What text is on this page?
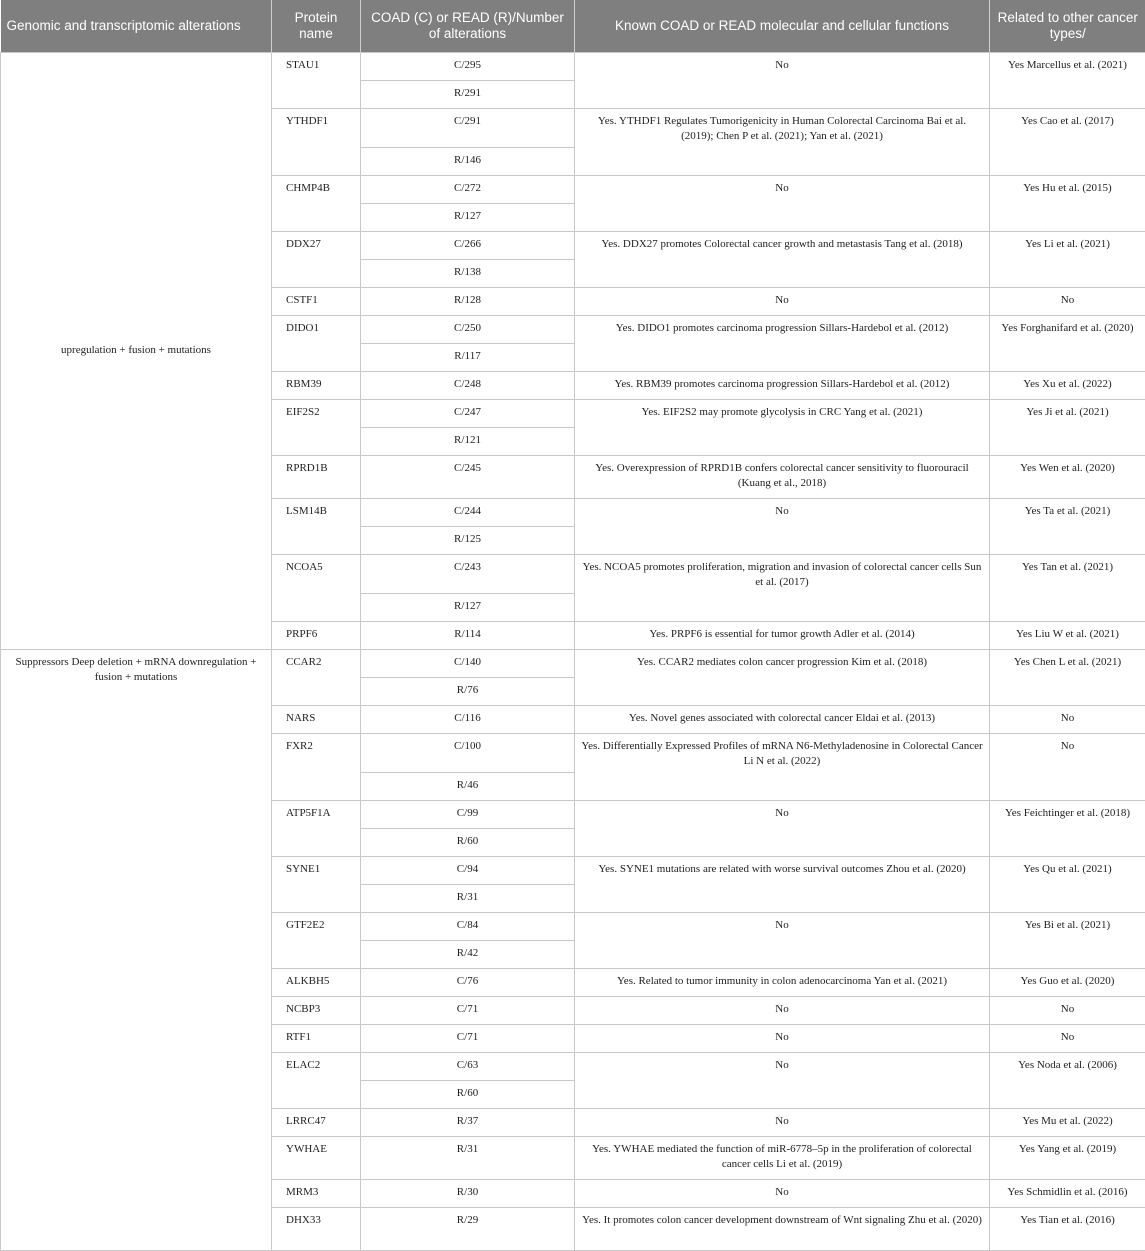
Genomic and transcriptomic alterations	Protein name	COAD (C) or READ (R)/Number of alterations	Known COAD or READ molecular and cellular functions	Related to other cancer types/
upregulation + fusion + mutations	STAU1	C/295	No	Yes Marcellus et al. (2021)
		R/291		
	YTHDF1	C/291	Yes. YTHDF1 Regulates Tumorigenicity in Human Colorectal Carcinoma Bai et al. (2019); Chen P et al. (2021); Yan et al. (2021)	Yes Cao et al. (2017)
		R/146		
	CHMP4B	C/272	No	Yes Hu et al. (2015)
		R/127		
	DDX27	C/266	Yes. DDX27 promotes Colorectal cancer growth and metastasis Tang et al. (2018)	Yes Li et al. (2021)
		R/138		
	CSTF1	R/128	No	No
	DIDO1	C/250	Yes. DIDO1 promotes carcinoma progression Sillars-Hardebol et al. (2012)	Yes Forghanifard et al. (2020)
		R/117		
	RBM39	C/248	Yes. RBM39 promotes carcinoma progression Sillars-Hardebol et al. (2012)	Yes Xu et al. (2022)
	EIF2S2	C/247	Yes. EIF2S2 may promote glycolysis in CRC Yang et al. (2021)	Yes Ji et al. (2021)
		R/121		
	RPRD1B	C/245	Yes. Overexpression of RPRD1B confers colorectal cancer sensitivity to fluorouracil (Kuang et al., 2018)	Yes Wen et al. (2020)
	LSM14B	C/244	No	Yes Ta et al. (2021)
		R/125		
	NCOA5	C/243	Yes. NCOA5 promotes proliferation, migration and invasion of colorectal cancer cells Sun et al. (2017)	Yes Tan et al. (2021)
		R/127		
	PRPF6	R/114	Yes. PRPF6 is essential for tumor growth Adler et al. (2014)	Yes Liu W et al. (2021)
Suppressors Deep deletion + mRNA downregulation + fusion + mutations	CCAR2	C/140	Yes. CCAR2 mediates colon cancer progression Kim et al. (2018)	Yes Chen L et al. (2021)
		R/76		
	NARS	C/116	Yes. Novel genes associated with colorectal cancer Eldai et al. (2013)	No
	FXR2	C/100	Yes. Differentially Expressed Profiles of mRNA N6-Methyladenosine in Colorectal Cancer Li N et al. (2022)	No
		R/46		
	ATP5F1A	C/99	No	Yes Feichtinger et al. (2018)
		R/60		
	SYNE1	C/94	Yes. SYNE1 mutations are related with worse survival outcomes Zhou et al. (2020)	Yes Qu et al. (2021)
		R/31		
	GTF2E2	C/84	No	Yes Bi et al. (2021)
		R/42		
	ALKBH5	C/76	Yes. Related to tumor immunity in colon adenocarcinoma Yan et al. (2021)	Yes Guo et al. (2020)
	NCBP3	C/71	No	No
	RTF1	C/71	No	No
	ELAC2	C/63	No	Yes Noda et al. (2006)
		R/60		
	LRRC47	R/37	No	Yes Mu et al. (2022)
	YWHAE	R/31	Yes. YWHAE mediated the function of miR-6778–5p in the proliferation of colorectal cancer cells Li et al. (2019)	Yes Yang et al. (2019)
	MRM3	R/30	No	Yes Schmidlin et al. (2016)
	DHX33	R/29	Yes. It promotes colon cancer development downstream of Wnt signaling Zhu et al. (2020)	Yes Tian et al. (2016)
